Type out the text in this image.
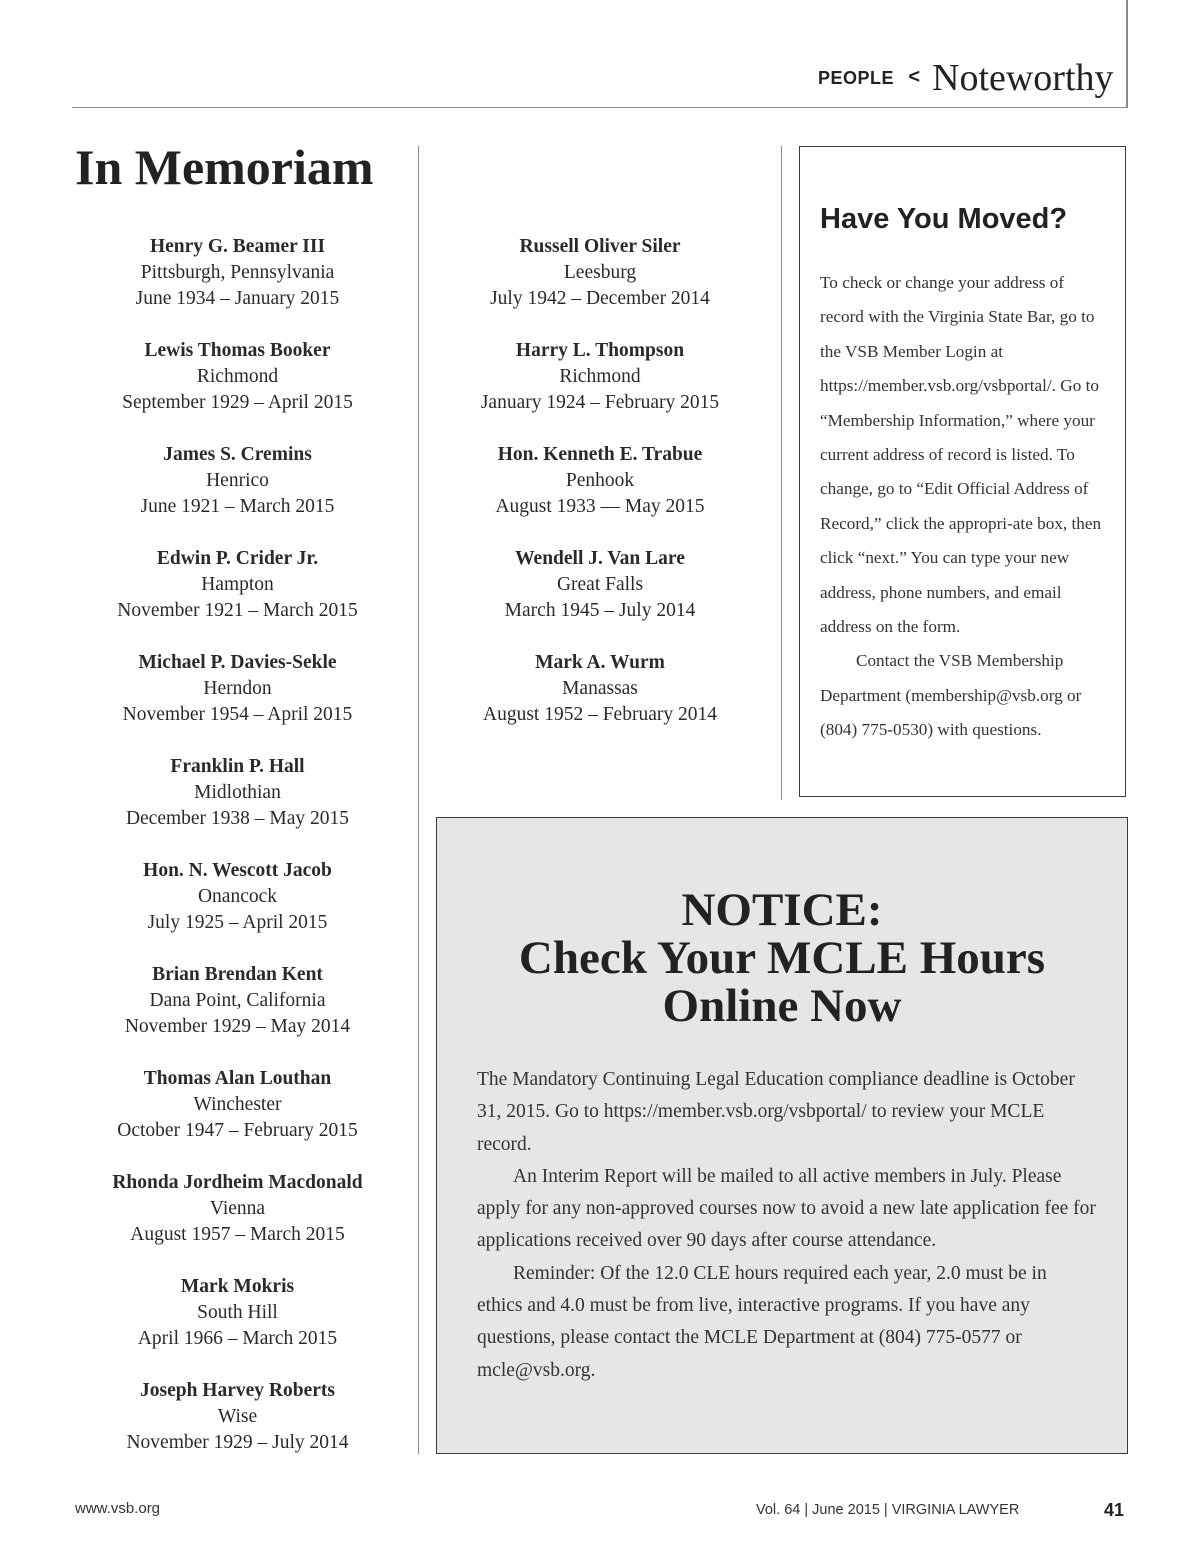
PEOPLE < Noteworthy
In Memoriam
Henry G. Beamer III
Pittsburgh, Pennsylvania
June 1934 – January 2015
Lewis Thomas Booker
Richmond
September 1929 – April 2015
James S. Cremins
Henrico
June 1921 – March 2015
Edwin P. Crider Jr.
Hampton
November 1921 – March 2015
Michael P. Davies-Sekle
Herndon
November 1954 – April 2015
Franklin P. Hall
Midlothian
December 1938 – May 2015
Hon. N. Wescott Jacob
Onancock
July 1925 – April 2015
Brian Brendan Kent
Dana Point, California
November 1929 – May 2014
Thomas Alan Louthan
Winchester
October 1947 – February 2015
Rhonda Jordheim Macdonald
Vienna
August 1957 – March 2015
Mark Mokris
South Hill
April 1966 – March 2015
Joseph Harvey Roberts
Wise
November 1929 – July 2014
Russell Oliver Siler
Leesburg
July 1942 – December 2014
Harry L. Thompson
Richmond
January 1924 – February 2015
Hon. Kenneth E. Trabue
Penhook
August 1933 — May 2015
Wendell J. Van Lare
Great Falls
March 1945 – July 2014
Mark A. Wurm
Manassas
August 1952 – February 2014
Have You Moved?

To check or change your address of record with the Virginia State Bar, go to the VSB Member Login at https://member.vsb.org/vsbportal/. Go to “Membership Information,” where your current address of record is listed. To change, go to “Edit Official Address of Record,” click the appropri-ate box, then click “next.” You can type your new address, phone numbers, and email address on the form.

Contact the VSB Membership Department (membership@vsb.org or (804) 775-0530) with questions.

NOTICE:
Check Your MCLE Hours
Online Now

The Mandatory Continuing Legal Education compliance deadline is October 31, 2015. Go to https://member.vsb.org/vsbportal/ to review your MCLE record.

An Interim Report will be mailed to all active members in July. Please apply for any non-approved courses now to avoid a new late application fee for applications received over 90 days after course attendance.

Reminder: Of the 12.0 CLE hours required each year, 2.0 must be in ethics and 4.0 must be from live, interactive programs. If you have any questions, please contact the MCLE Department at (804) 775-0577 or mcle@vsb.org.

www.vsb.org	Vol. 64 | June 2015 | VIRGINIA LAWYER	41
